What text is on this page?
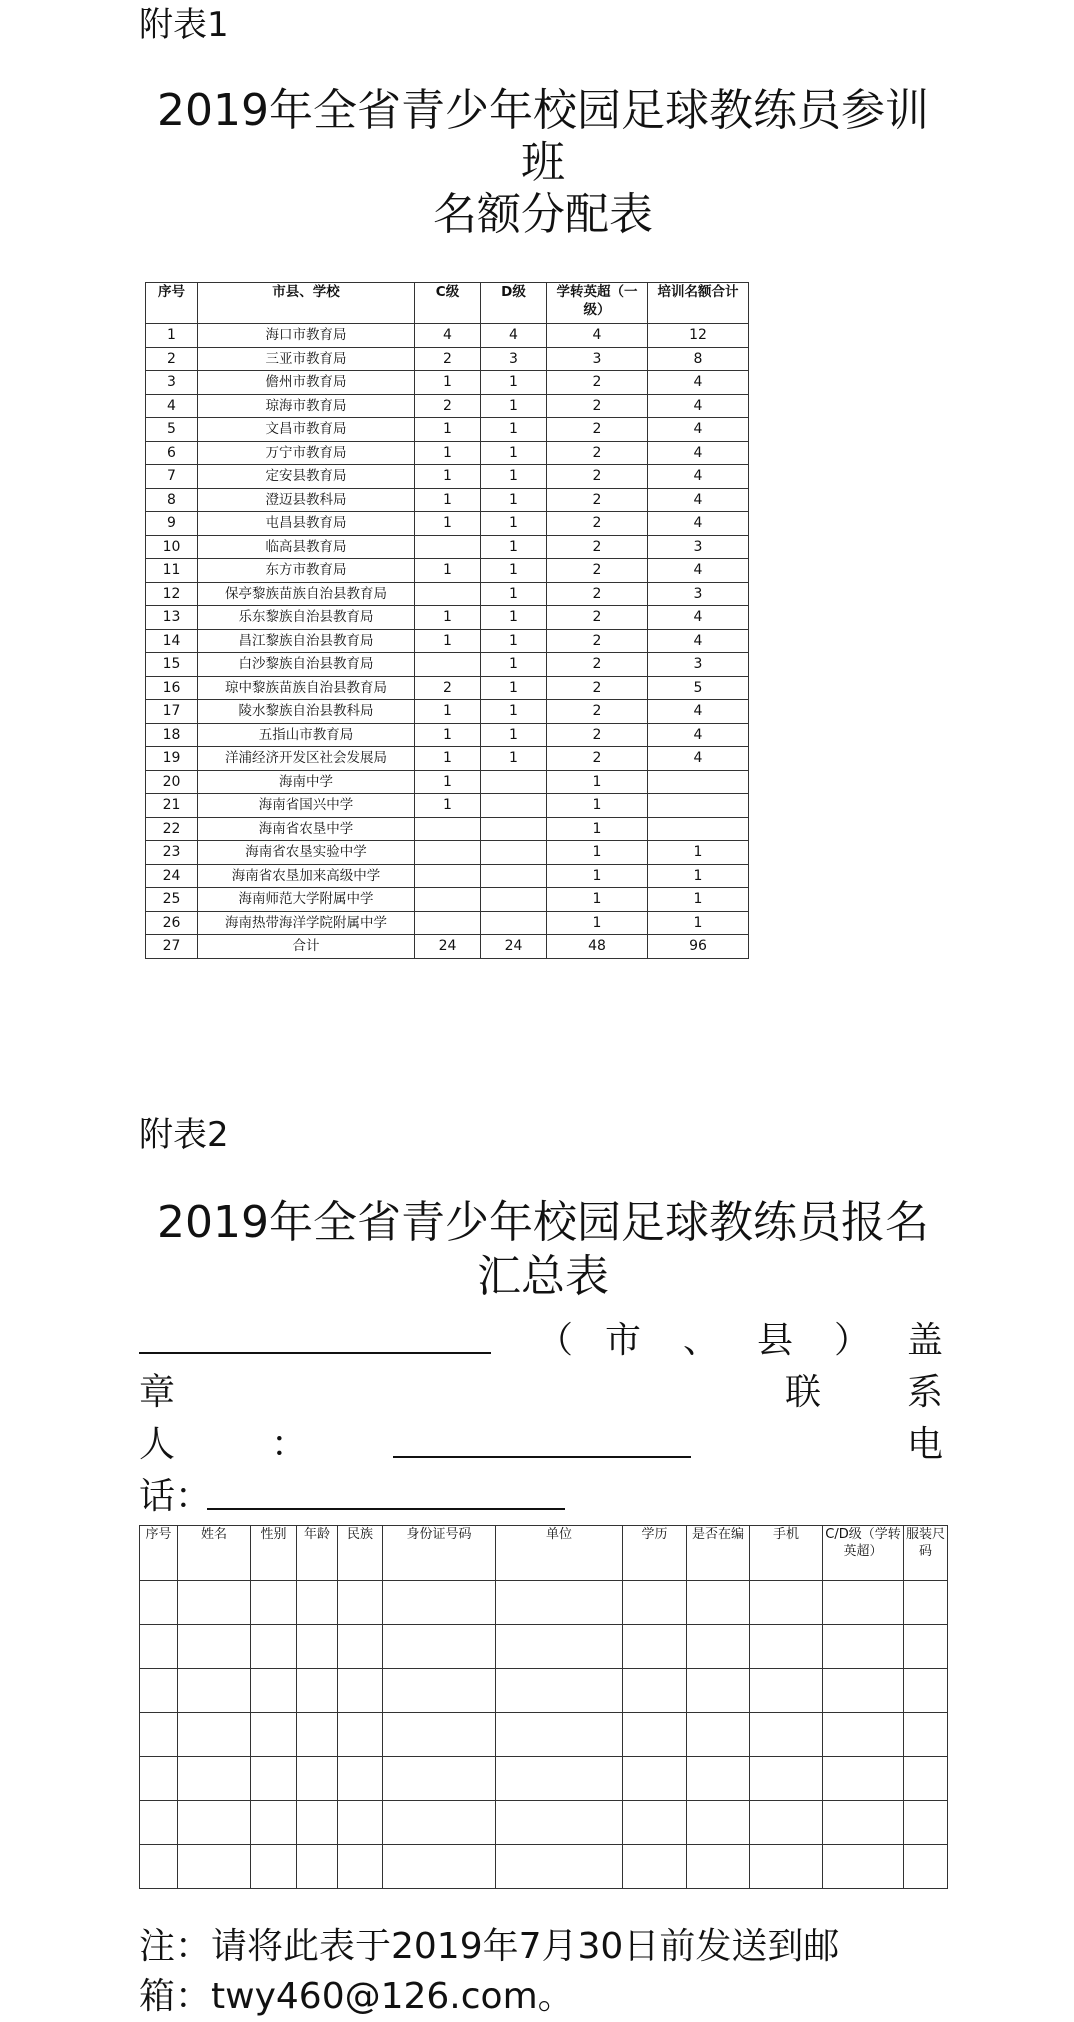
附表1
2019年全省青少年校园足球教练员参训
班
名额分配表
序号	市县、学校	C级	D级	学转英超（一级）	培训名额合计
1	海口市教育局	4	4	4	12
2	三亚市教育局	2	3	3	8
3	儋州市教育局	1	1	2	4
4	琼海市教育局	2	1	2	4
5	文昌市教育局	1	1	2	4
6	万宁市教育局	1	1	2	4
7	定安县教育局	1	1	2	4
8	澄迈县教科局	1	1	2	4
9	屯昌县教育局	1	1	2	4
10	临高县教育局		1	2	3
11	东方市教育局	1	1	2	4
12	保亭黎族苗族自治县教育局		1	2	3
13	乐东黎族自治县教育局	1	1	2	4
14	昌江黎族自治县教育局	1	1	2	4
15	白沙黎族自治县教育局		1	2	3
16	琼中黎族苗族自治县教育局	2	1	2	5
17	陵水黎族自治县教科局	1	1	2	4
18	五指山市教育局	1	1	2	4
19	洋浦经济开发区社会发展局	1	1	2	4
20	海南中学	1		1	
21	海南省国兴中学	1		1	
22	海南省农垦中学			1	
23	海南省农垦实验中学			1	1
24	海南省农垦加来高级中学			1	1
25	海南师范大学附属中学			1	1
26	海南热带海洋学院附属中学			1	1
27	合计	24	24	48	96
附表2
2019年全省青少年校园足球教练员报名
汇总表
（ 市 、 县 ） 盖
章	联 系
人	：	电
话：
序号	姓名	性别	年龄	民族	身份证号码	单位	学历	是否在编	手机	C/D级（学转英超）	服装尺码

注：请将此表于2019年7月30日前发送到邮
箱：twy460@126.com。
